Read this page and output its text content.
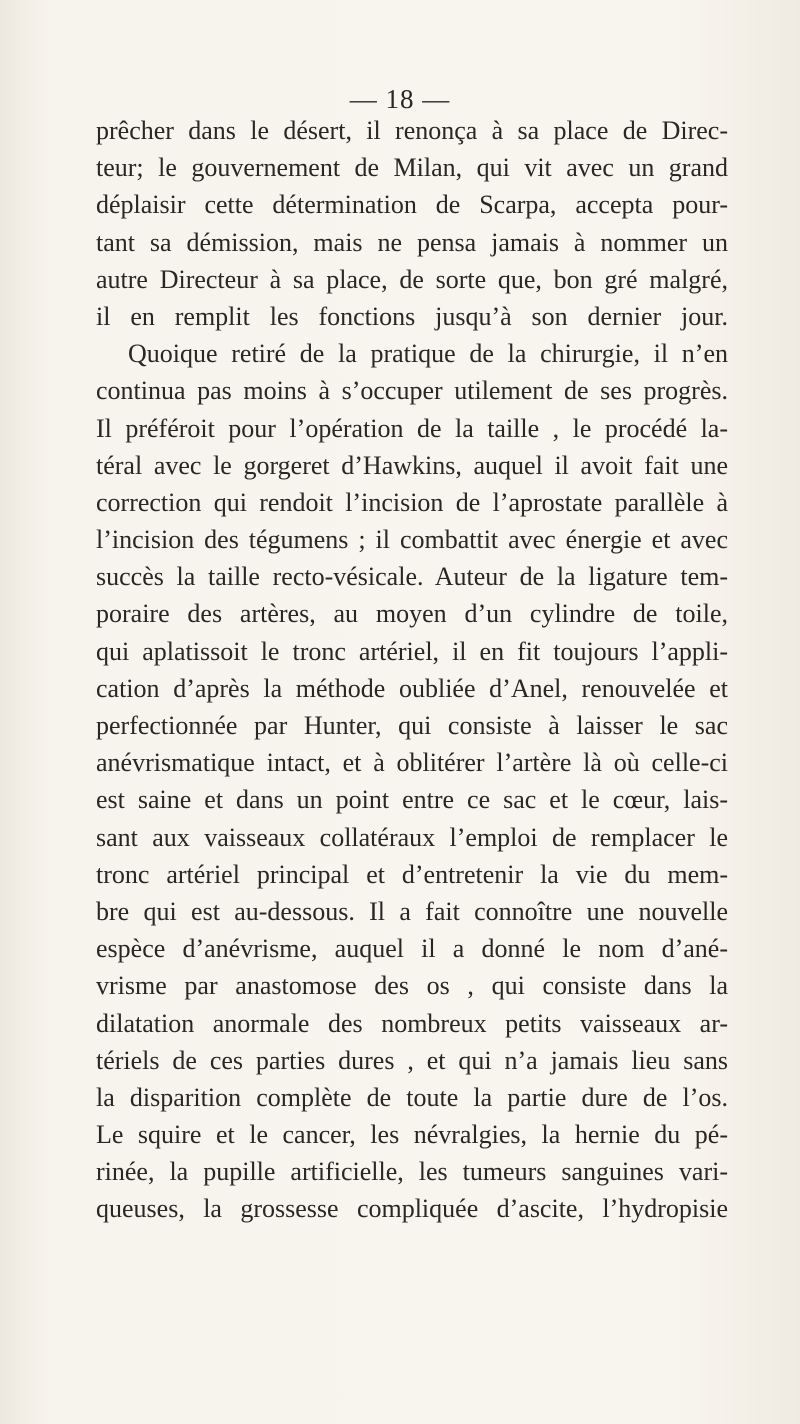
— 18 —
prêcher dans le désert, il renonça à sa place de Direc-
teur; le gouvernement de Milan, qui vit avec un grand
déplaisir cette détermination de Scarpa, accepta pour-
tant sa démission, mais ne pensa jamais à nommer un
autre Directeur à sa place, de sorte que, bon gré malgré,
il en remplit les fonctions jusqu’à son dernier jour.
Quoique retiré de la pratique de la chirurgie, il n’en
continua pas moins à s’occuper utilement de ses progrès.
Il préféroit pour l’opération de la taille , le procédé la-
téral avec le gorgeret d’Hawkins, auquel il avoit fait une
correction qui rendoit l’incision de l’aprostate parallèle à
l’incision des tégumens ; il combattit avec énergie et avec
succès la taille recto-vésicale. Auteur de la ligature tem-
poraire des artères, au moyen d’un cylindre de toile,
qui aplatissoit le tronc artériel, il en fit toujours l’appli-
cation d’après la méthode oubliée d’Anel, renouvelée et
perfectionnée par Hunter, qui consiste à laisser le sac
anévrismatique intact, et à oblitérer l’artère là où celle-ci
est saine et dans un point entre ce sac et le cœur, lais-
sant aux vaisseaux collatéraux l’emploi de remplacer le
tronc artériel principal et d’entretenir la vie du mem-
bre qui est au-dessous. Il a fait connoître une nouvelle
espèce d’anévrisme, auquel il a donné le nom d’ané-
vrisme par anastomose des os , qui consiste dans la
dilatation anormale des nombreux petits vaisseaux ar-
tériels de ces parties dures , et qui n’a jamais lieu sans
la disparition complète de toute la partie dure de l’os.
Le squire et le cancer, les névralgies, la hernie du pé-
rinée, la pupille artificielle, les tumeurs sanguines vari-
queuses, la grossesse compliquée d’ascite, l’hydropisie
